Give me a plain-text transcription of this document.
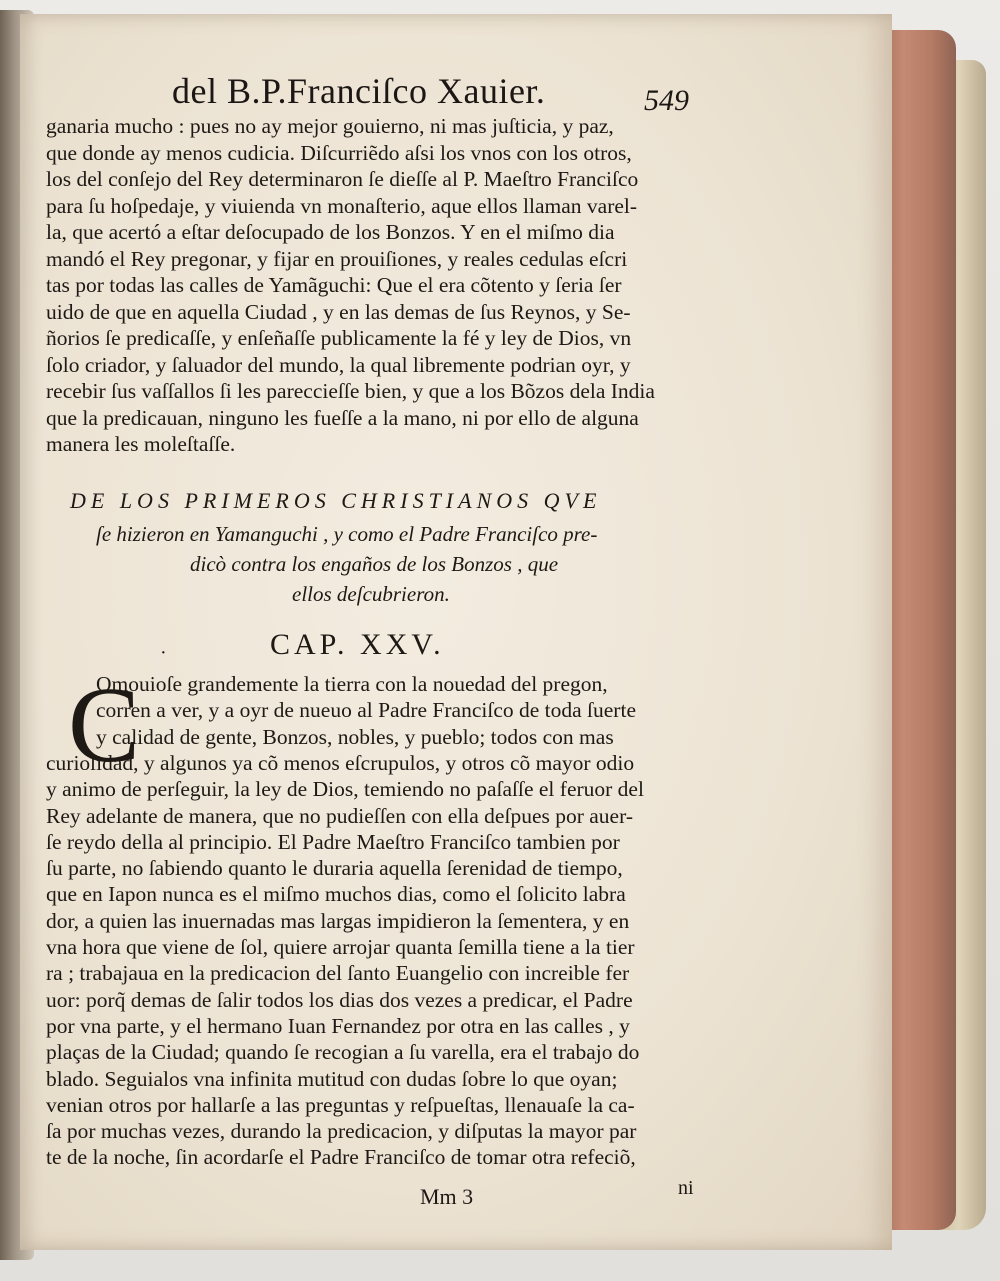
del B.P.Franciſco Xauier.	549
ganaria mucho : pues no ay mejor gouierno, ni mas juſticia, y paz,
que donde ay menos cudicia. Diſcurriẽdo aſsi los vnos con los otros,
los del conſejo del Rey determinaron ſe dieſſe al P. Maeſtro Franciſco
para ſu hoſpedaje, y viuienda vn monaſterio, aque ellos llaman varel-
la, que acertó a eſtar deſocupado de los Bonzos. Y en el miſmo dia
mandó el Rey pregonar, y fijar en prouiſiones, y reales cedulas eſcri
tas por todas las calles de Yamãguchi: Que el era cõtento y ſeria ſer
uido de que en aquella Ciudad , y en las demas de ſus Reynos, y Se-
ñorios ſe predicaſſe, y enſeñaſſe publicamente la fé y ley de Dios, vn
ſolo criador, y ſaluador del mundo, la qual libremente podrian oyr, y
recebir ſus vaſſallos ſi les pareccieſſe bien, y que a los Bõzos dela India
que la predicauan, ninguno les fueſſe a la mano, ni por ello de alguna
manera les moleſtaſſe.
DE LOS PRIMEROS CHRISTIANOS QVE
ſe hizieron en Yamanguchi , y como el Padre Franciſco pre-
dicò contra los engaños de los Bonzos , que
ellos deſcubrieron.
·	CAP. XXV.
C
Omouioſe grandemente la tierra con la nouedad del pregon,
corren a ver, y a oyr de nueuo al Padre Franciſco de toda ſuerte
y calidad de gente, Bonzos, nobles, y pueblo; todos con mas
curioſidad, y algunos ya cõ menos eſcrupulos, y otros cõ mayor odio
y animo de perſeguir, la ley de Dios, temiendo no paſaſſe el feruor del
Rey adelante de manera, que no pudieſſen con ella deſpues por auer-
ſe reydo della al principio. El Padre Maeſtro Franciſco tambien por
ſu parte, no ſabiendo quanto le duraria aquella ſerenidad de tiempo,
que en Iapon nunca es el miſmo muchos dias, como el ſolicito labra
dor, a quien las inuernadas mas largas impidieron la ſementera, y en
vna hora que viene de ſol, quiere arrojar quanta ſemilla tiene a la tier
ra ; trabajaua en la predicacion del ſanto Euangelio con increible fer
uor: porq̃ demas de ſalir todos los dias dos vezes a predicar, el Padre
por vna parte, y el hermano Iuan Fernandez por otra en las calles , y
plaças de la Ciudad; quando ſe recogian a ſu varella, era el trabajo do
blado. Seguialos vna infinita mutitud con dudas ſobre lo que oyan;
venian otros por hallarſe a las preguntas y reſpueſtas, llenauaſe la ca-
ſa por muchas vezes, durando la predicacion, y diſputas la mayor par
te de la noche, ſin acordarſe el Padre Franciſco de tomar otra refeciõ,
Mm 3	ni
